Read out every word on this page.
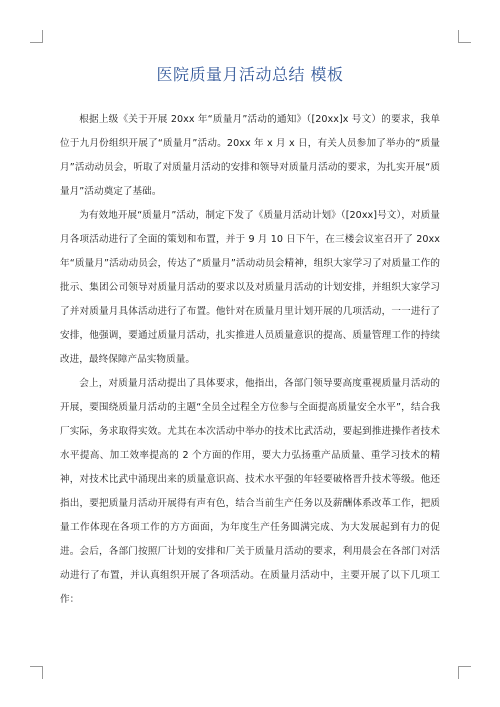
医院质量月活动总结 模板

根据上级《关于开展 20xx 年“质量月”活动的通知》（[20xx]x 号文）的要求，我单位于九月份组织开展了“质量月”活动。20xx 年 x 月 x 日，有关人员参加了举办的“质量月”活动动员会，听取了对质量月活动的安排和领导对质量月活动的要求，为扎实开展“质量月”活动奠定了基础。

为有效地开展“质量月”活动，制定下发了《质量月活动计划》（[20xx]号文），对质量月各项活动进行了全面的策划和布置，并于 9 月 10 日下午，在三楼会议室召开了 20xx 年“质量月”活动动员会，传达了“质量月”活动动员会精神，组织大家学习了对质量工作的批示、集团公司领导对质量月活动的要求以及对质量月活动的计划安排，并组织大家学习了并对质量月具体活动进行了布置。他针对在质量月里计划开展的几项活动，一一进行了安排，他强调，要通过质量月活动，扎实推进人员质量意识的提高、质量管理工作的持续改进，最终保障产品实物质量。

会上，对质量月活动提出了具体要求，他指出，各部门领导要高度重视质量月活动的开展，要围绕质量月活动的主题“全员全过程全方位参与全面提高质量安全水平”，结合我厂实际，务求取得实效。尤其在本次活动中举办的技术比武活动，要起到推进操作者技术水平提高、加工效率提高的 2 个方面的作用，要大力弘扬重产品质量、重学习技术的精神，对技术比武中涌现出来的质量意识高、技术水平强的年轻要破格晋升技术等级。他还指出，要把质量月活动开展得有声有色，结合当前生产任务以及薪酬体系改革工作，把质量工作体现在各项工作的方方面面，为年度生产任务圆满完成、为大发展起到有力的促进。会后，各部门按照厂计划的安排和厂关于质量月活动的要求，利用晨会在各部门对活动进行了布置，并认真组织开展了各项活动。在质量月活动中，主要开展了以下几项工作：
